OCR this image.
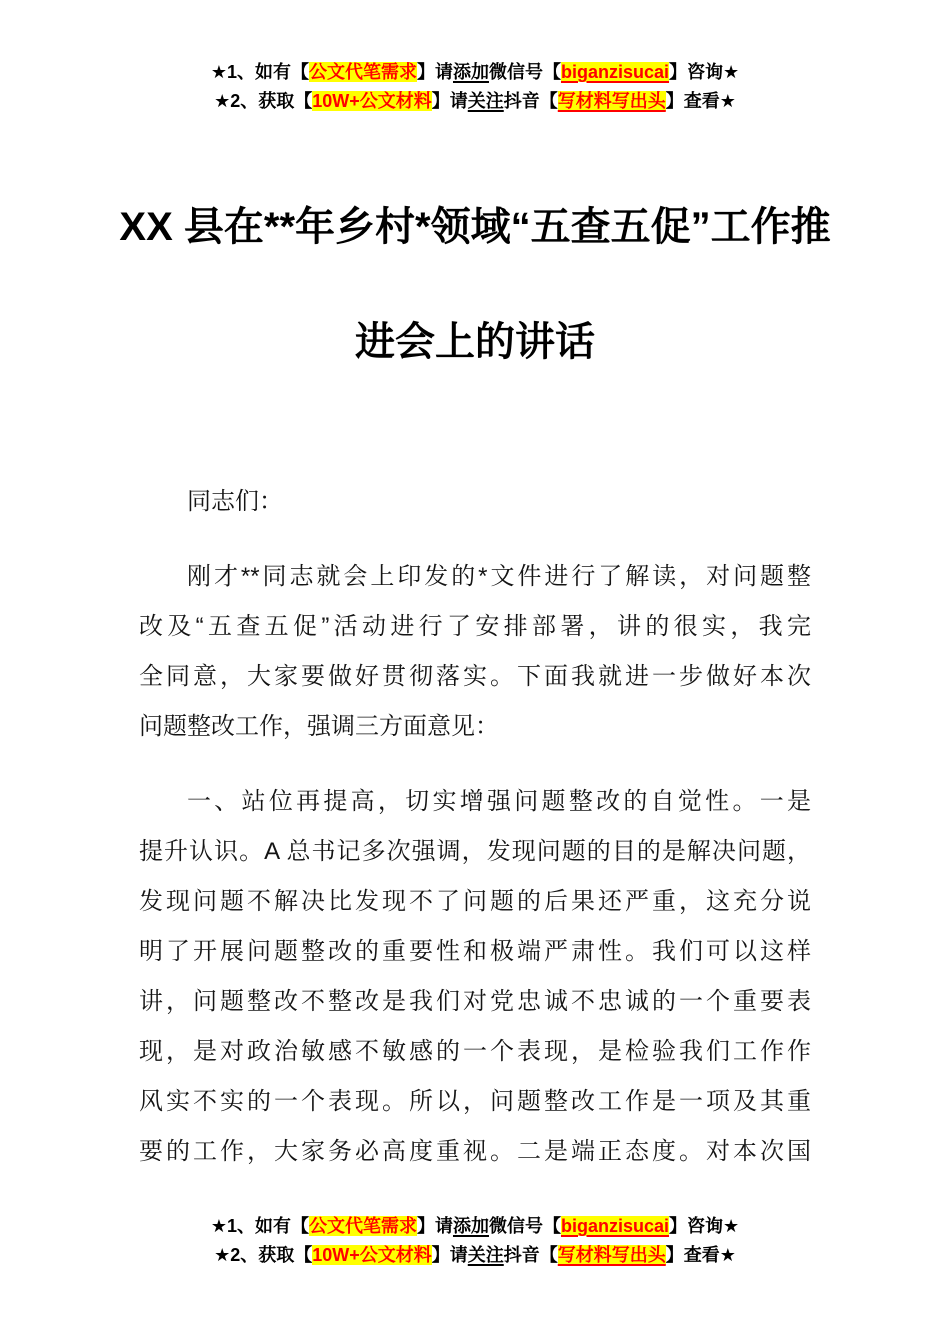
★1、如有【公文代笔需求】请添加微信号【biganzisucai】咨询★
★2、获取【10W+公文材料】请关注抖音【写材料写出头】查看★
XX 县在**年乡村*领域“五查五促”工作推
进会上的讲话

同志们：

刚才**同志就会上印发的*文件进行了解读，对问题整
改及“五查五促”活动进行了安排部署，讲的很实，我完
全同意，大家要做好贯彻落实。下面我就进一步做好本次
问题整改工作，强调三方面意见：
一、站位再提高，切实增强问题整改的自觉性。一是
提升认识。A 总书记多次强调，发现问题的目的是解决问题，
发现问题不解决比发现不了问题的后果还严重，这充分说
明了开展问题整改的重要性和极端严肃性。我们可以这样
讲，问题整改不整改是我们对党忠诚不忠诚的一个重要表
现，是对政治敏感不敏感的一个表现，是检验我们工作作
风实不实的一个表现。所以，问题整改工作是一项及其重
要的工作，大家务必高度重视。二是端正态度。对本次国
★1、如有【公文代笔需求】请添加微信号【biganzisucai】咨询★
★2、获取【10W+公文材料】请关注抖音【写材料写出头】查看★
